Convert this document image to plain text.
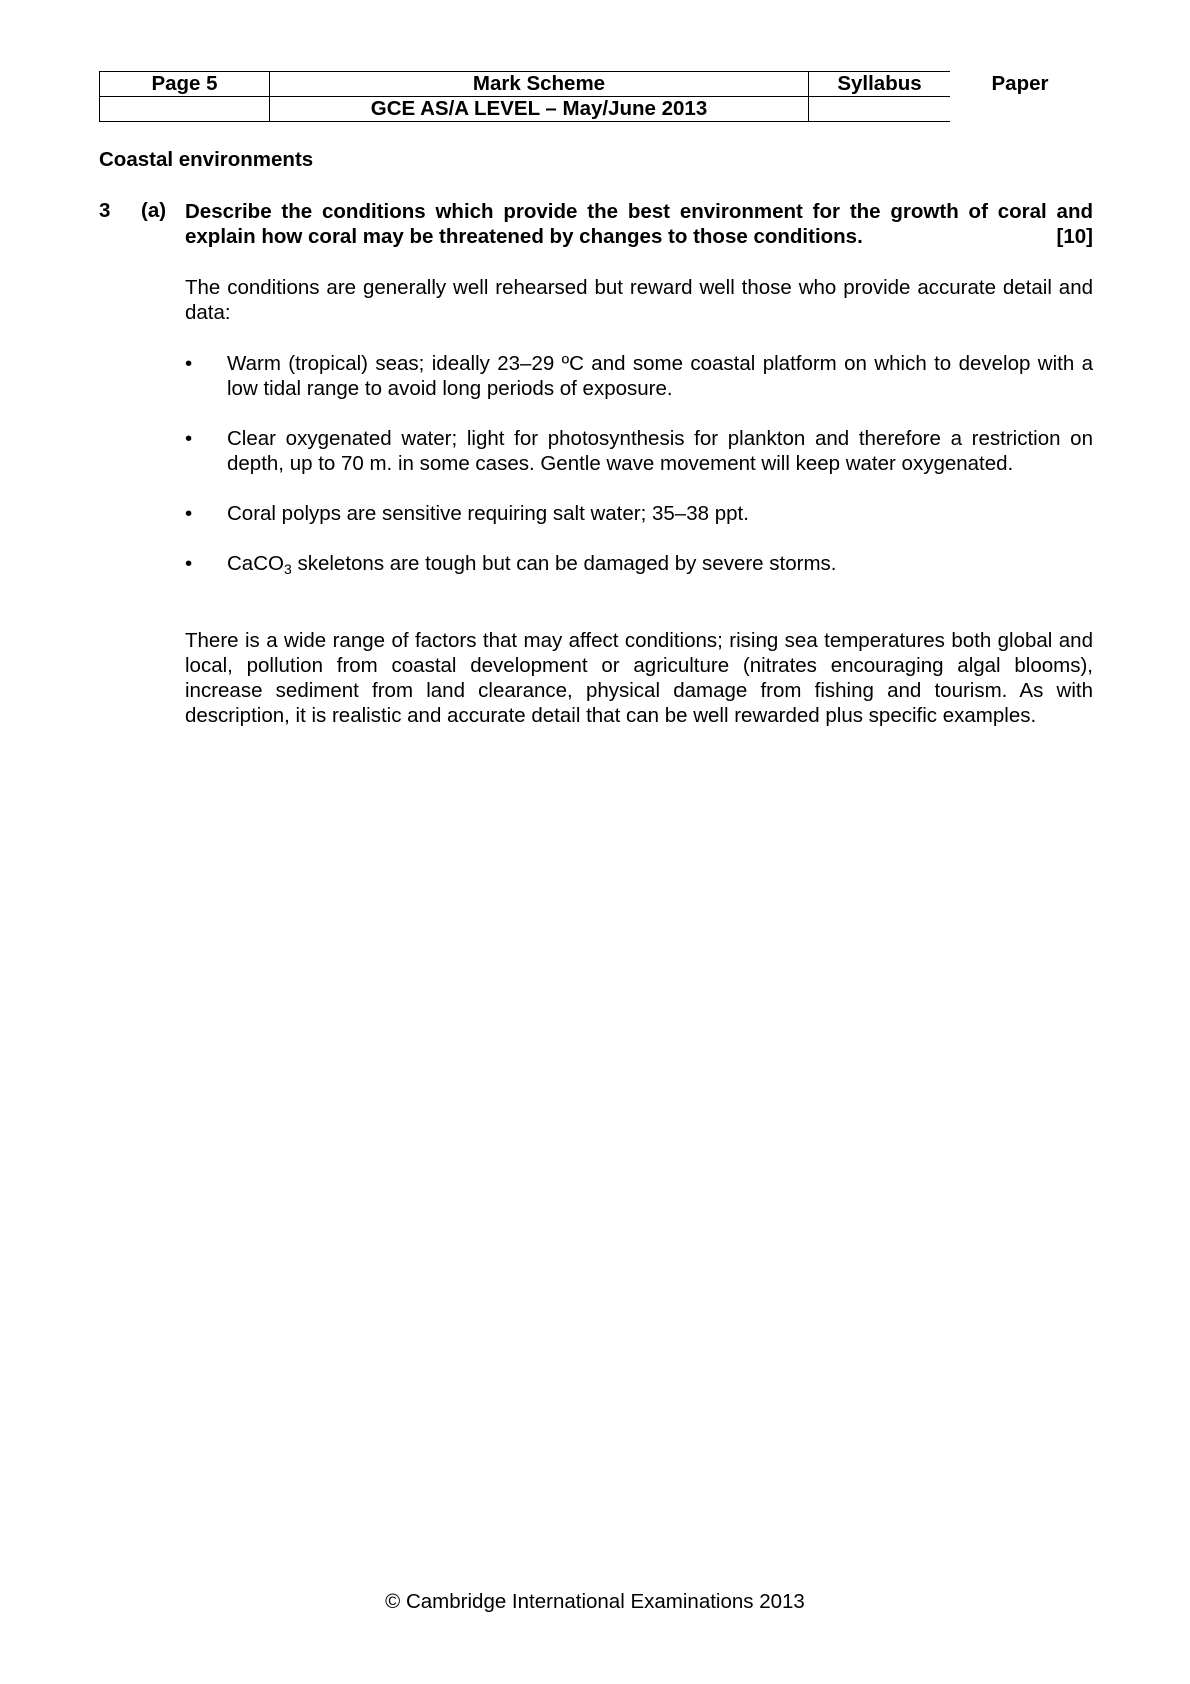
Page 5	Mark Scheme	Syllabus	Paper
	GCE AS/A LEVEL – May/June 2013		
Coastal environments
3 (a) Describe the conditions which provide the best environment for the growth of coral and explain how coral may be threatened by changes to those conditions.	[10]

The conditions are generally well rehearsed but reward well those who provide accurate detail and data:

• Warm (tropical) seas; ideally 23–29 ºC and some coastal platform on which to develop with a low tidal range to avoid long periods of exposure.
• Clear oxygenated water; light for photosynthesis for plankton and therefore a restriction on depth, up to 70 m. in some cases. Gentle wave movement will keep water oxygenated.
• Coral polyps are sensitive requiring salt water; 35–38 ppt.
• CaCO$_3$ skeletons are tough but can be damaged by severe storms.

There is a wide range of factors that may affect conditions; rising sea temperatures both global and local, pollution from coastal development or agriculture (nitrates encouraging algal blooms), increase sediment from land clearance, physical damage from fishing and tourism. As with description, it is realistic and accurate detail that can be well rewarded plus specific examples.

© Cambridge International Examinations 2013
